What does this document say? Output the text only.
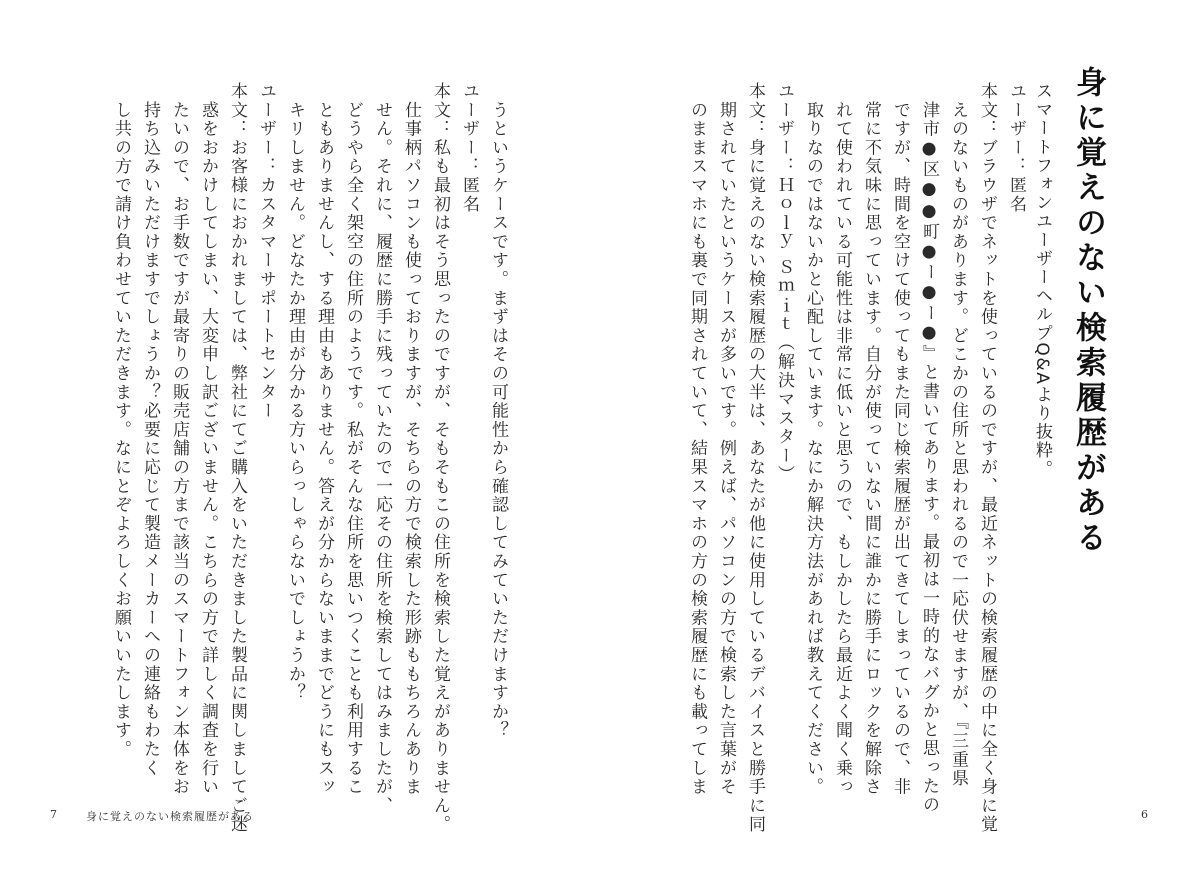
身に覚えのない検索履歴がある
スマートフォンユーザーヘルプQ&Aより抜粋。
ユーザー：匿名
本文：ブラウザでネットを使っているのですが、最近ネットの検索履歴の中に全く身に覚
　えのないものがあります。どこかの住所と思われるので一応伏せますが、『三重県
　津市●区●●町●ー●ー●』と書いてあります。最初は一時的なバグかと思ったの
　ですが、時間を空けて使ってもまた同じ検索履歴が出てきてしまっているので、非
　常に不気味に思っています。自分が使っていない間に誰かに勝手にロックを解除さ
　れて使われている可能性は非常に低いと思うので、もしかしたら最近よく聞く乗っ
　取りなのではないかと心配しています。なにか解決方法があれば教えてください。
ユーザー：Ｈｏｌｙ Ｓｍｉｔ（解決マスター）
本文：身に覚えのない検索履歴の大半は、あなたが他に使用しているデバイスと勝手に同
　期されていたというケースが多いです。例えば、パソコンの方で検索した言葉がそ
　のままスマホにも裏で同期されていて、結果スマホの方の検索履歴にも載ってしま
　うというケースです。まずはその可能性から確認してみていただけますか？
ユーザー：匿名
本文：私も最初はそう思ったのですが、そもそもこの住所を検索した覚えがありません。
　仕事柄パソコンも使っておりますが、そちらの方で検索した形跡ももちろんありま
　せん。それに、履歴に勝手に残っていたので一応その住所を検索してはみましたが、
　どうやら全く架空の住所のようです。私がそんな住所を思いつくことも利用するこ
　ともありませんし、する理由もありません。答えが分からないままでどうにもスッ
　キリしません。どなたか理由が分かる方いらっしゃらないでしょうか？
ユーザー：カスタマーサポートセンター
本文：お客様におかれましては、弊社にてご購入をいただきました製品に関しましてご迷
　惑をおかけしてしまい、大変申し訳ございません。こちらの方で詳しく調査を行い
　たいので、お手数ですが最寄りの販売店舗の方まで該当のスマートフォン本体をお
　持ち込みいただけますでしょうか？必要に応じて製造メーカーへの連絡もわたく
　し共の方で請け負わせていただきます。なにとぞよろしくお願いいたします。
7	身に覚えのない検索履歴がある	6
